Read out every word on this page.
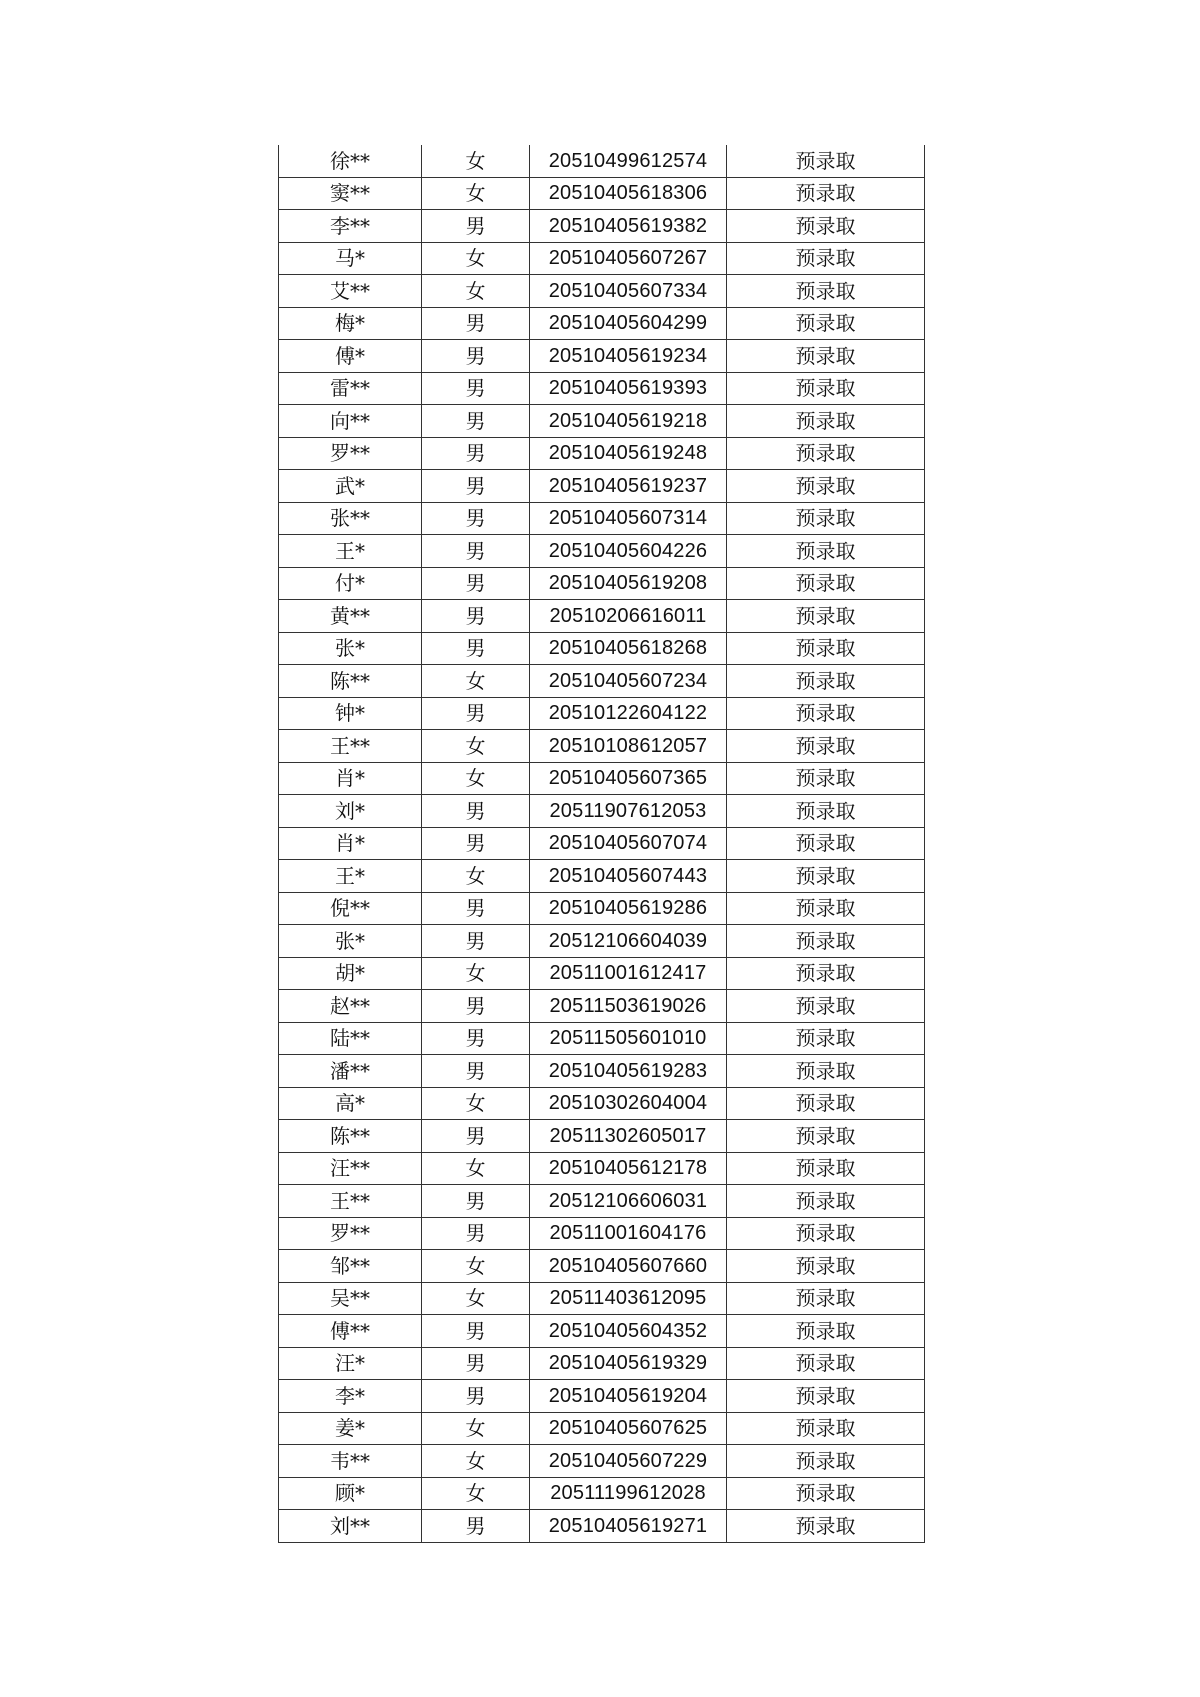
徐**	女	20510499612574	预录取
窦**	女	20510405618306	预录取
李**	男	20510405619382	预录取
马*	女	20510405607267	预录取
艾**	女	20510405607334	预录取
梅*	男	20510405604299	预录取
傅*	男	20510405619234	预录取
雷**	男	20510405619393	预录取
向**	男	20510405619218	预录取
罗**	男	20510405619248	预录取
武*	男	20510405619237	预录取
张**	男	20510405607314	预录取
王*	男	20510405604226	预录取
付*	男	20510405619208	预录取
黄**	男	20510206616011	预录取
张*	男	20510405618268	预录取
陈**	女	20510405607234	预录取
钟*	男	20510122604122	预录取
王**	女	20510108612057	预录取
肖*	女	20510405607365	预录取
刘*	男	20511907612053	预录取
肖*	男	20510405607074	预录取
王*	女	20510405607443	预录取
倪**	男	20510405619286	预录取
张*	男	20512106604039	预录取
胡*	女	20511001612417	预录取
赵**	男	20511503619026	预录取
陆**	男	20511505601010	预录取
潘**	男	20510405619283	预录取
高*	女	20510302604004	预录取
陈**	男	20511302605017	预录取
汪**	女	20510405612178	预录取
王**	男	20512106606031	预录取
罗**	男	20511001604176	预录取
邹**	女	20510405607660	预录取
吴**	女	20511403612095	预录取
傅**	男	20510405604352	预录取
汪*	男	20510405619329	预录取
李*	男	20510405619204	预录取
姜*	女	20510405607625	预录取
韦**	女	20510405607229	预录取
顾*	女	20511199612028	预录取
刘**	男	20510405619271	预录取
